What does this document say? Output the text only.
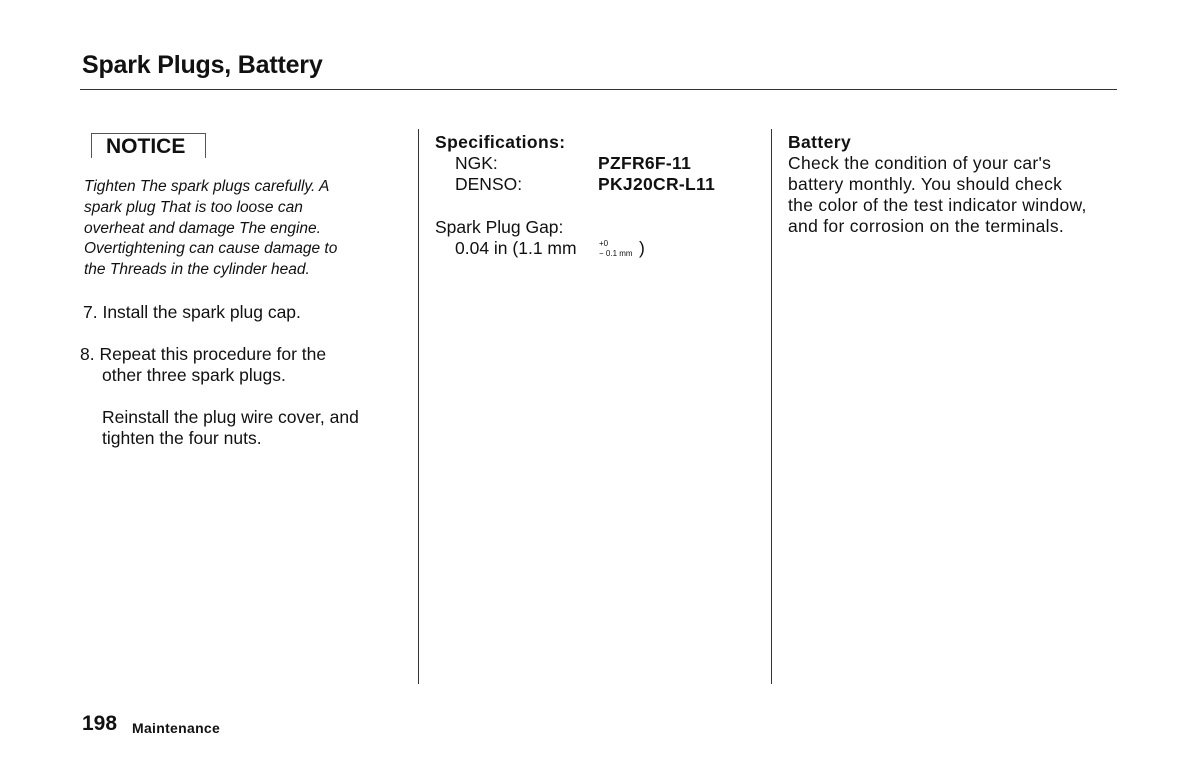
Spark Plugs, Battery
NOTICE
Tighten The spark plugs carefully. A
spark plug That is too loose can
overheat and damage The engine.
Overtightening can cause damage to
the Threads in the cylinder head.
7. Install the spark plug cap.
8. Repeat this procedure for the
other three spark plugs.
Reinstall the plug wire cover, and
tighten the four nuts.
Specifications:
NGK:	PZFR6F-11
DENSO:	PKJ20CR-L11
Spark Plug Gap:
0.04 in (1.1 mm	+0
− 0.1 mm )
Battery
Check the condition of your car's
battery monthly. You should check
the color of the test indicator window,
and for corrosion on the terminals.
198 Maintenance
